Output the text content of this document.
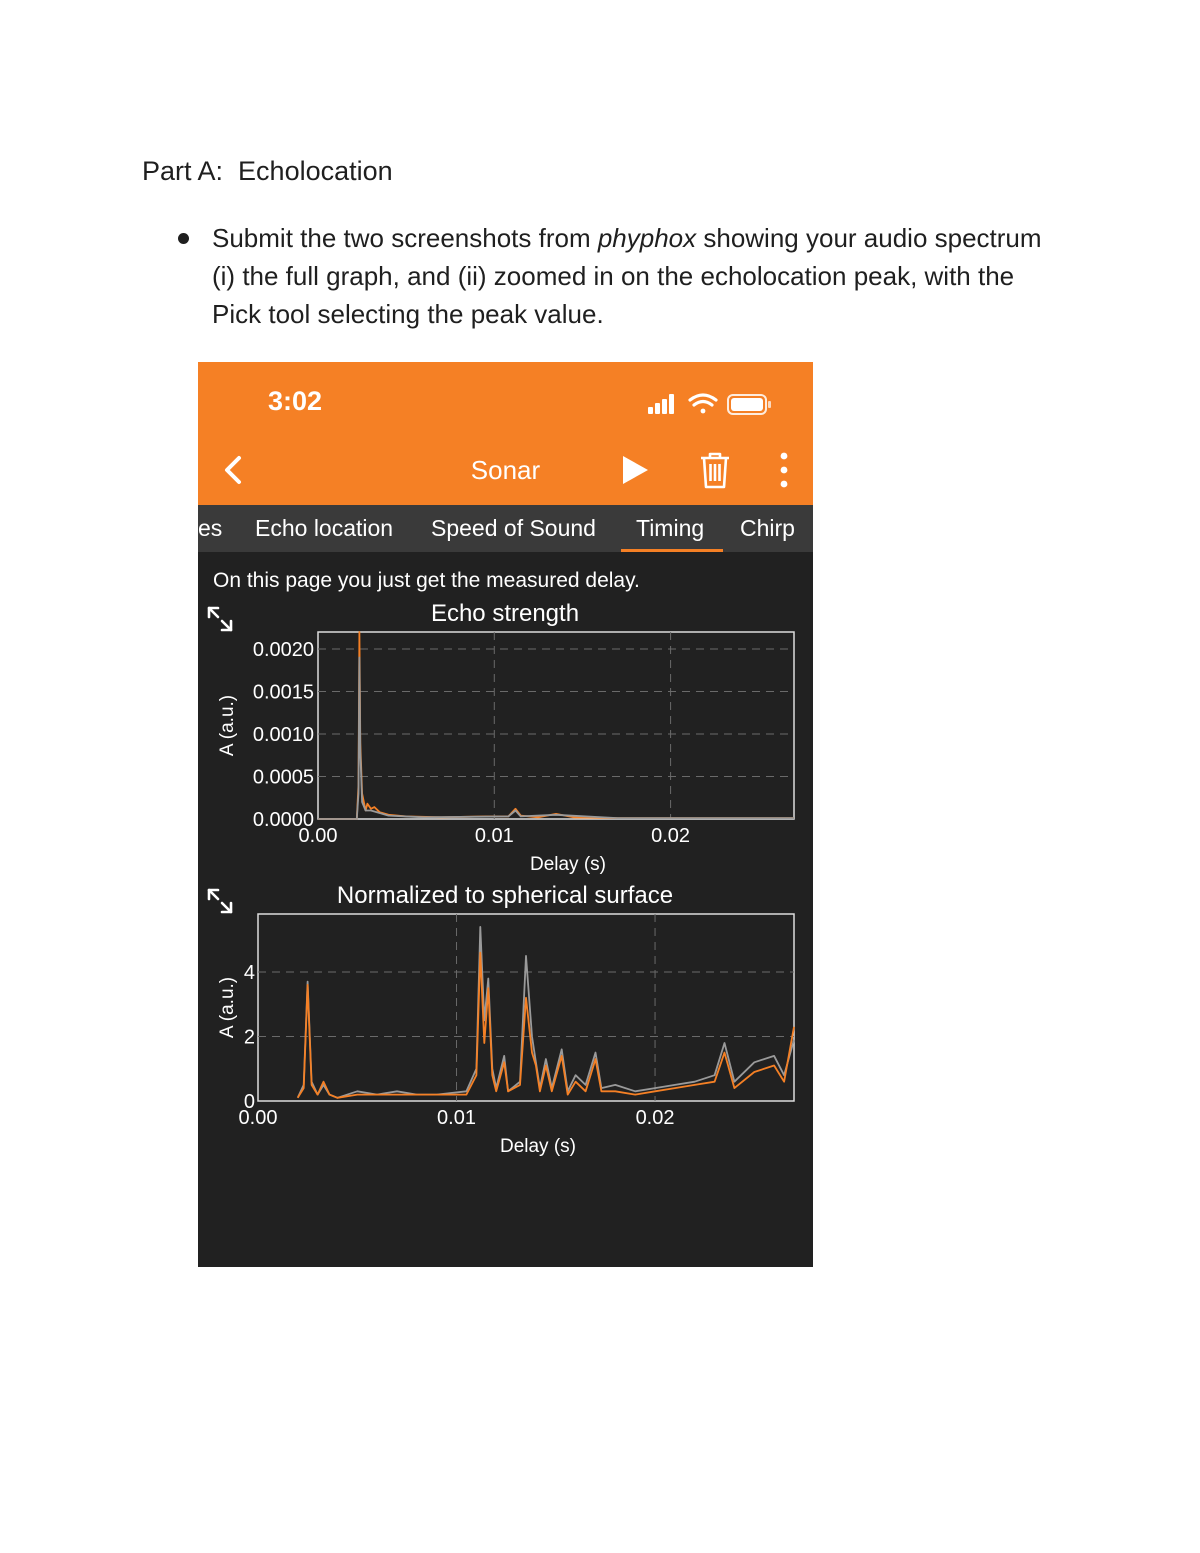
Part A:  Echolocation
Submit the two screenshots from phyphox showing your audio spectrum (i) the full graph, and (ii) zoomed in on the echolocation peak, with the Pick tool selecting the peak value.
3:02
Sonar
es Echo location Speed of Sound Timing Chirp
On this page you just get the measured delay.
Echo strength
0.0000
0.0005
0.0010
0.0015
0.0020
0.00	0.01	0.02
Delay (s)
A (a.u.)
Normalized to spherical surface
0
2
4
0.00	0.01	0.02
Delay (s)
A (a.u.)
